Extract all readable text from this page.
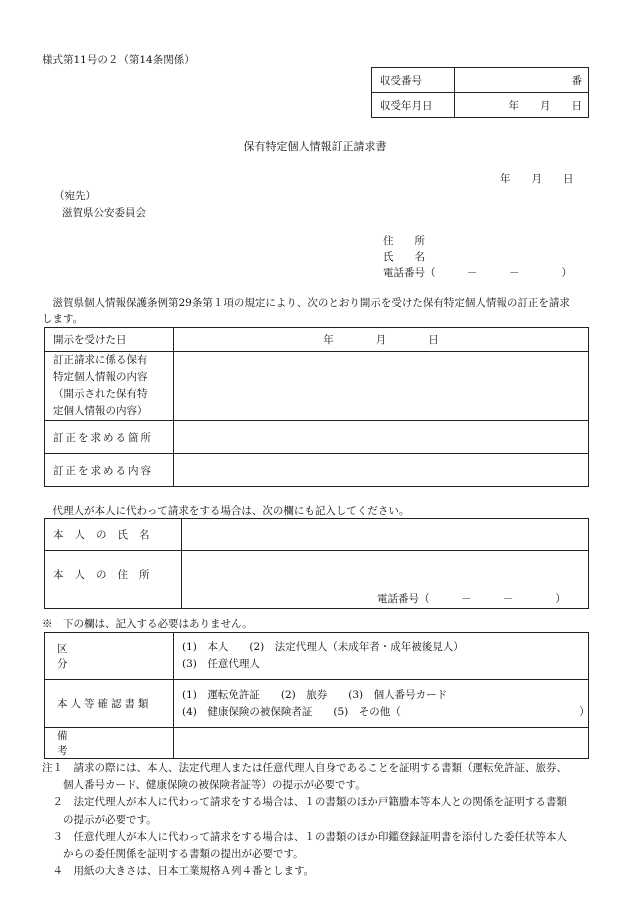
様式第11号の２（第14条関係）
収受番号	番
収受年月日	年　　月　　日
保有特定個人情報訂正請求書
年　　月　　日
（宛先）
滋賀県公安委員会
住　　所
氏　　名
電話番号（　　　－　　　－　　　　）
　滋賀県個人情報保護条例第29条第１項の規定により、次のとおり開示を受けた保有特定個人情報の訂正を請求
します。
開示を受けた日	年　　　　月　　　　日

訂正請求に係る保有
特定個人情報の内容
（開示された保有特
定個人情報の内容）	

訂正を求める箇所	
訂正を求める内容	
　代理人が本人に代わって請求をする場合は、次の欄にも記入してください。
本人の氏名	
本人の住所	電話番号（　　　－　　　－　　　　）
※　下の欄は、記入する必要はありません。
区分	(1)　本人　　(2)　法定代理人（未成年者・成年被後見人）
(3)　任意代理人

本人等確認書類	(1)　運転免許証　　(2)　旅券　　(3)　個人番号カード
(4)　健康保険の被保険者証　　(5)　その他（　　　　　　　　　　　　　　　　　）

備考	
注１　請求の際には、本人、法定代理人または任意代理人自身であることを証明する書類（運転免許証、旅券、
　　個人番号カード、健康保険の被保険者証等）の提示が必要です。
　２　法定代理人が本人に代わって請求をする場合は、１の書類のほか戸籍謄本等本人との関係を証明する書類
　　の提示が必要です。
　３　任意代理人が本人に代わって請求をする場合は、１の書類のほか印鑑登録証明書を添付した委任状等本人
　　からの委任関係を証明する書類の提出が必要です。
　４　用紙の大きさは、日本工業規格Ａ列４番とします。
